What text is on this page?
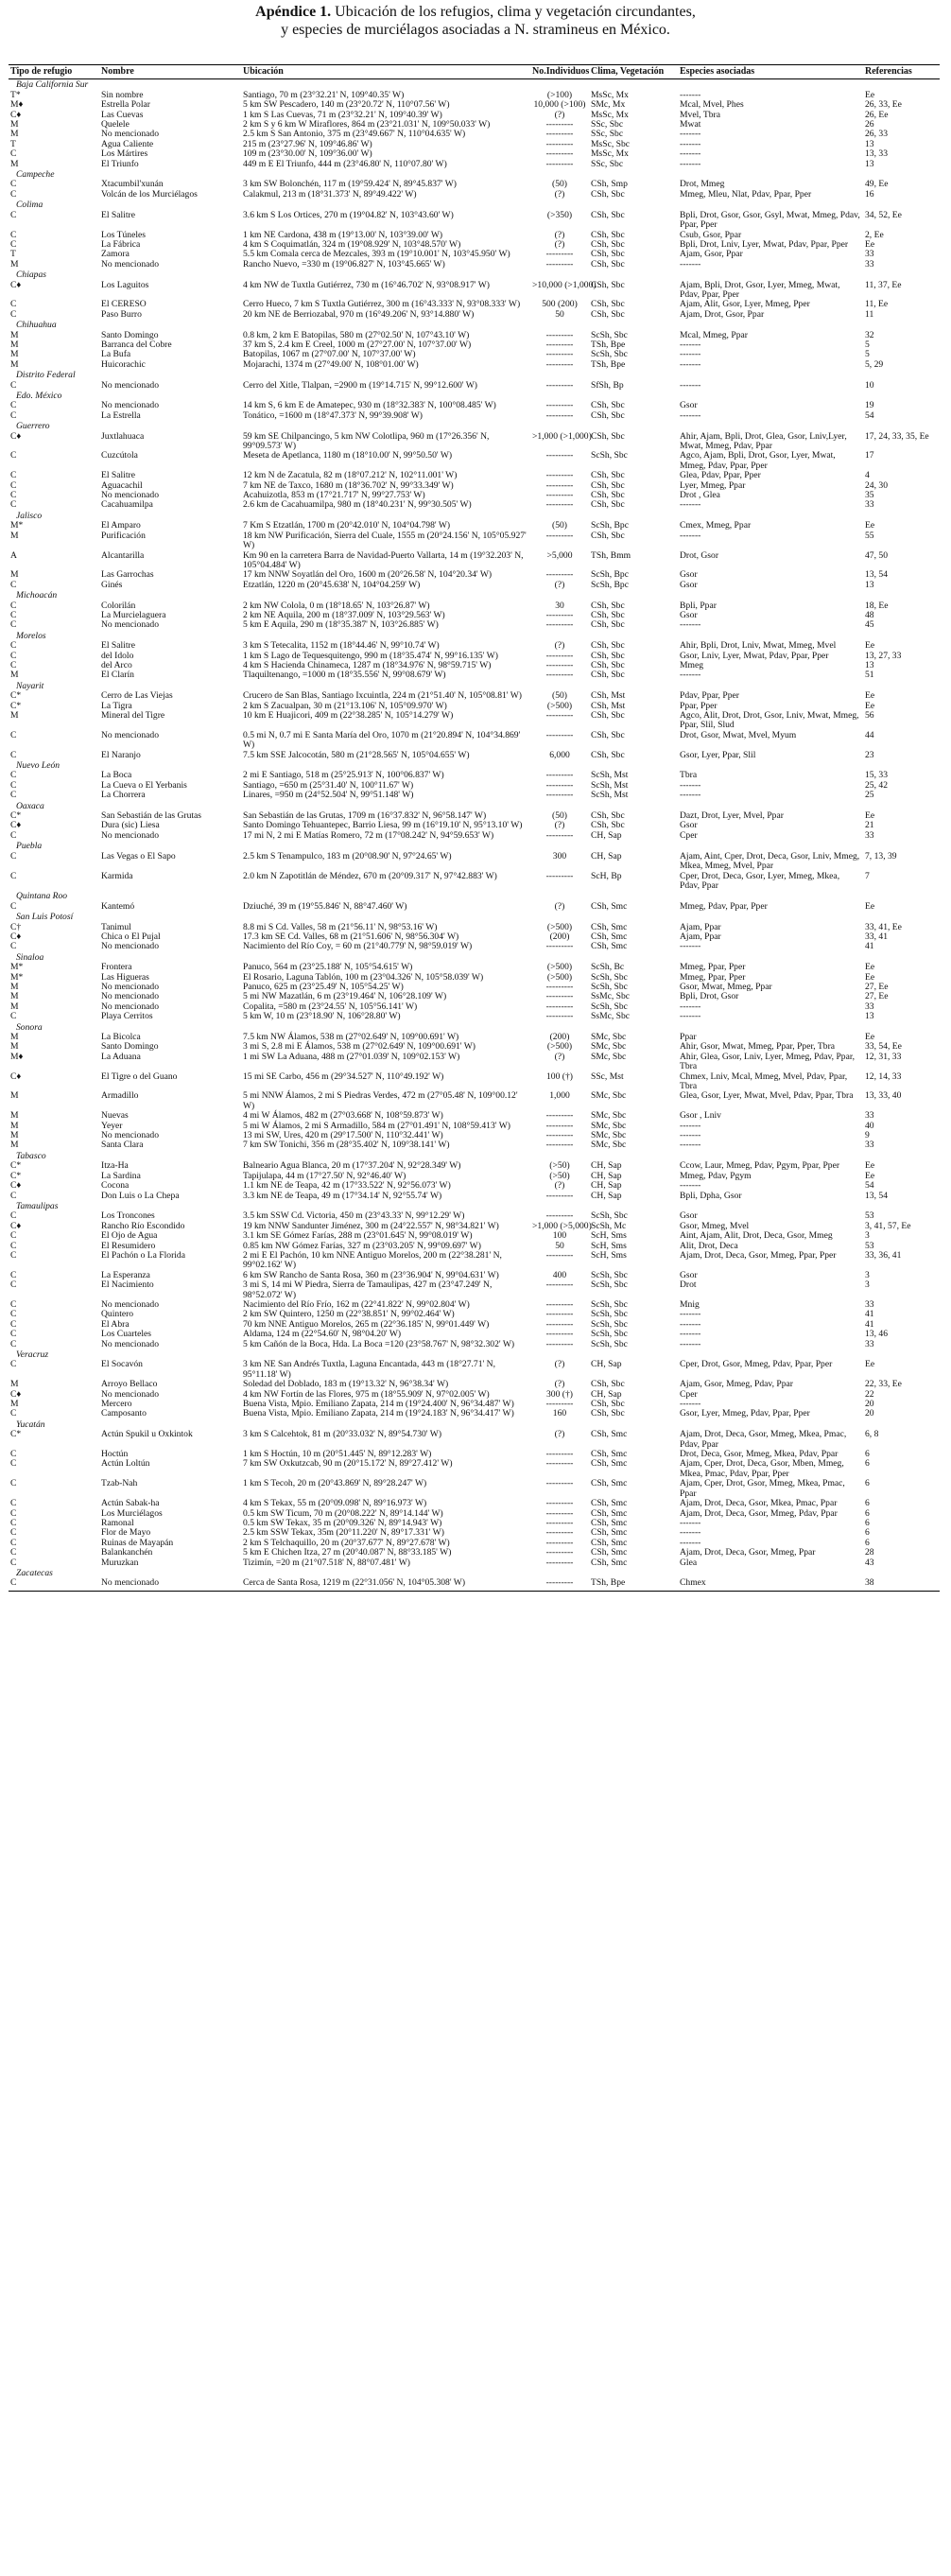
Apéndice 1. Ubicación de los refugios, clima y vegetación circundantes,
y especies de murciélagos asociadas a N. stramineus en México.
Tipo de refugio	Nombre	Ubicación	No.Individuos	Clima, Vegetación	Especies asociadas	Referencias
Baja California Sur						
T*	Sin nombre	Santiago, 70 m (23°32.21' N, 109°40.35' W)	(>100)	MsSc, Mx	-------	Ee
M♦	Estrella Polar	5 km SW Pescadero, 140 m (23°20.72' N, 110°07.56' W)	10,000 (>100)	SMc, Mx	Mcal, Mvel, Phes	26, 33, Ee
C♦	Las Cuevas	1 km S Las Cuevas, 71 m (23°32.21' N, 109°40.39' W)	(?)	MsSc, Mx	Mvel, Tbra	26, Ee
M	Quelele	2 km S y 6 km W Miraflores, 864 m (23°21.031' N, 109°50.033' W)	---------	SSc, Sbc	Mwat	26
M	No mencionado	2.5 km S San Antonio, 375 m (23°49.667' N, 110°04.635' W)	---------	SSc, Sbc	-------	26, 33
T	Agua Caliente	215 m (23°27.96' N, 109°46.86' W)	---------	MsSc, Sbc	-------	13
C	Los Mártires	109 m (23°30.00' N, 109°36.00' W)	---------	MsSc, Mx	-------	13, 33
M	El Triunfo	449 m E El Triunfo, 444 m (23°46.80' N, 110°07.80' W)	---------	SSc, Sbc	-------	13
Campeche						
C	Xtacumbil'xunán	3 km SW Bolonchén, 117 m (19°59.424' N, 89°45.837' W)	(50)	CSh, Smp	Drot, Mmeg	49, Ee
C	Volcán de los Murciélagos	Calakmul, 213 m (18°31.373' N, 89°49.422' W)	(?)	CSh, Sbc	Mmeg, Mleu, Nlat, Pdav, Ppar, Pper	16
Colima						
C	El Salitre	3.6 km S Los Ortices, 270 m (19°04.82' N, 103°43.60' W)	(>350)	CSh, Sbc	Bpli, Drot, Gsor, Gsor, Gsyl, Mwat, Mmeg, Pdav, Ppar, Pper	34, 52, Ee
C	Los Túneles	1 km NE Cardona, 438 m (19°13.00' N, 103°39.00' W)	(?)	CSh, Sbc	Csub, Gsor, Ppar	2, Ee
C	La Fábrica	4 km S Coquimatlán, 324 m (19°08.929' N, 103°48.570' W)	(?)	CSh, Sbc	Bpli, Drot, Lniv, Lyer, Mwat, Pdav, Ppar, Pper	Ee
T	Zamora	5.5 km Comala cerca de Mezcales, 393 m (19°10.001' N, 103°45.950' W)	---------	CSh, Sbc	Ajam, Gsor, Ppar	33
M	No mencionado	Rancho Nuevo, =330 m (19°06.827' N, 103°45.665' W)	---------	CSh, Sbc	-------	33
Chiapas						
C♦	Los Laguitos	4 km NW de Tuxtla Gutiérrez, 730 m (16°46.702' N, 93°08.917' W)	>10,000 (>1,000)	CSh, Sbc	Ajam, Bpli, Drot, Gsor, Lyer, Mmeg, Mwat, Pdav, Ppar, Pper	11, 37, Ee
C	El CERESO	Cerro Hueco, 7 km S Tuxtla Gutiérrez, 300 m (16°43.333' N, 93°08.333' W)	500 (200)	CSh, Sbc	Ajam, Alit, Gsor, Lyer, Mmeg, Pper	11, Ee
C	Paso Burro	20 km NE de Berriozabal, 970 m (16°49.206' N, 93°14.880' W)	50	CSh, Sbc	Ajam, Drot, Gsor, Ppar	11
Chihuahua						
M	Santo Domingo	0.8 km, 2 km E Batopilas, 580 m (27°02.50' N, 107°43.10' W)	---------	ScSh, Sbc	Mcal, Mmeg, Ppar	32
M	Barranca del Cobre	37 km S, 2.4 km E Creel, 1000 m (27°27.00' N, 107°37.00' W)	---------	TSh, Bpe	-------	5
M	La Bufa	Batopilas, 1067 m (27°07.00' N, 107°37.00' W)	---------	ScSh, Sbc	-------	5
M	Huicorachic	Mojarachi, 1374 m (27°49.00' N, 108°01.00' W)	---------	TSh, Bpe	-------	5, 29
Distrito Federal						
C	No mencionado	Cerro del Xitle, Tlalpan, =2900 m (19°14.715' N, 99°12.600' W)	---------	SfSh, Bp	-------	10
Edo. México						
C	No mencionado	14 km S, 6 km E de Amatepec, 930 m (18°32.383' N, 100°08.485' W)	---------	CSh, Sbc	Gsor	19
C	La Estrella	Tonático, =1600 m (18°47.373' N, 99°39.908' W)	---------	CSh, Sbc	-------	54
Guerrero						
C♦	Juxtlahuaca	59 km SE Chilpancingo, 5 km NW Colotlipa, 960 m (17°26.356' N, 99°09.573' W)	>1,000 (>1,000)	CSh, Sbc	Ahir, Ajam, Bpli, Drot, Glea, Gsor, Lniv,Lyer, Mwat, Mmeg, Pdav, Ppar	17, 24, 33, 35, Ee
C	Cuzcútola	Meseta de Apetlanca, 1180 m (18°10.00' N, 99°50.50' W)	---------	ScSh, Sbc	Agco, Ajam, Bpli, Drot, Gsor, Lyer, Mwat, Mmeg, Pdav, Ppar, Pper	17
C	El Salitre	12 km N de Zacatula, 82 m (18°07.212' N, 102°11.001' W)	---------	CSh, Sbc	Glea, Pdav, Ppar, Pper	4
C	Aguacachil	7 km NE de Taxco, 1680 m (18°36.702' N, 99°33.349' W)	---------	CSh, Sbc	Lyer, Mmeg, Ppar	24, 30
C	No mencionado	Acahuizotla, 853 m (17°21.717' N, 99°27.753' W)	---------	CSh, Sbc	Drot , Glea	35
C	Cacahuamilpa	2.6 km de Cacahuamilpa, 980 m (18°40.231' N, 99°30.505' W)	---------	CSh, Sbc	-------	33
Jalisco						
M*	El Amparo	7 Km S Etzatlán, 1700 m (20°42.010' N, 104°04.798' W)	(50)	ScSh, Bpc	Cmex, Mmeg, Ppar	Ee
M	Purificación	18 km NW Purificación, Sierra del Cuale, 1555 m (20°24.156' N, 105°05.927' W)	---------	CSh, Sbc	-------	55
A	Alcantarilla	Km 90 en la carretera Barra de Navidad-Puerto Vallarta, 14 m (19°32.203' N, 105°04.484' W)	>5,000	TSh, Bmm	Drot, Gsor	47, 50
M	Las Garrochas	17 km NNW Soyatlán del Oro, 1600 m (20°26.58' N, 104°20.34' W)	---------	ScSh, Bpc	Gsor	13, 54
C	Ginés	Etzatlán, 1220 m (20°45.638' N, 104°04.259' W)	(?)	ScSh, Bpc	Gsor	13
Michoacán						
C	Colorilán	2 km NW Colola, 0 m (18°18.65' N, 103°26.87' W)	30	CSh, Sbc	Bpli, Ppar	18, Ee
C	La Murcielaguera	2 km NE Aquila, 200 m (18°37.009' N, 103°29.563' W)	---------	CSh, Sbc	Gsor	48
C	No mencionado	5 km E Aquila, 290 m (18°35.387' N, 103°26.885' W)	---------	CSh, Sbc	-------	45
Morelos						
C	El Salitre	3 km S Tetecalita, 1152 m (18°44.46' N, 99°10.74' W)	(?)	CSh, Sbc	Ahir, Bpli, Drot, Lniv, Mwat, Mmeg, Mvel	Ee
C	del Idolo	1 km S Lago de Tequesquitengo, 990 m (18°35.474' N, 99°16.135' W)	---------	CSh, Sbc	Gsor, Lniv, Lyer, Mwat, Pdav, Ppar, Pper	13, 27, 33
C	del Arco	4 km S Hacienda Chinameca, 1287 m (18°34.976' N, 98°59.715' W)	---------	CSh, Sbc	Mmeg	13
M	El Clarín	Tlaquiltenango, =1000 m (18°35.556' N, 99°08.679' W)	---------	CSh, Sbc	-------	51
Nayarit						
C*	Cerro de Las Viejas	Crucero de San Blas, Santiago Ixcuintla, 224 m (21°51.40' N, 105°08.81' W)	(50)	CSh, Mst	Pdav, Ppar, Pper	Ee
C*	La Tigra	2 km S Zacualpan, 30 m (21°13.106' N, 105°09.970' W)	(>500)	CSh, Mst	Ppar, Pper	Ee
M	Mineral del Tigre	10 km E Huajicori, 409 m (22°38.285' N, 105°14.279' W)	---------	CSh, Sbc	Agco, Alit, Drot, Drot, Gsor, Lniv, Mwat, Mmeg, Ppar, Slil, Slud	56
C	No mencionado	0.5 mi N, 0.7 mi E Santa María del Oro, 1070 m (21°20.894' N, 104°34.869' W)	---------	CSh, Sbc	Drot, Gsor, Mwat, Mvel, Myum	44
C	El Naranjo	7.5 km SSE Jalcocotán, 580 m (21°28.565' N, 105°04.655' W)	6,000	CSh, Sbc	Gsor, Lyer, Ppar, Slil	23
Nuevo León						
C	La Boca	2 mi E Santiago, 518 m (25°25.913' N, 100°06.837' W)	---------	ScSh, Mst	Tbra	15, 33
C	La Cueva o El Yerbanis	Santiago, =650 m (25°31.40' N, 100°11.67' W)	---------	ScSh, Mst	-------	25, 42
C	La Chorrera	Linares, =950 m (24°52.504' N, 99°51.148' W)	---------	ScSh, Mst	-------	25
Oaxaca						
C*	San Sebastián de las Grutas	San Sebastián de las Grutas, 1709 m (16°37.832' N, 96°58.147' W)	(50)	CSh, Sbc	Dazt, Drot, Lyer, Mvel, Ppar	Ee
C♦	Dura (sic) Liesa	Santo Domingo Tehuantepec, Barrio Liesa, 99 m (16°19.10' N, 95°13.10' W)	(?)	CSh, Sbc	Gsor	21
C	No mencionado	17 mi N, 2 mi E Matías Romero, 72 m (17°08.242' N, 94°59.653' W)	---------	CH, Sap	Cper	33
Puebla						
C	Las Vegas o El Sapo	2.5 km S Tenampulco, 183 m (20°08.90' N, 97°24.65' W)	300	CH, Sap	Ajam, Aint, Cper, Drot, Deca, Gsor, Lniv, Mmeg, Mkea, Mmeg, Mvel, Ppar	7, 13, 39
C	Karmida	2.0 km N Zapotitlán de Méndez, 670 m (20°09.317' N, 97°42.883' W)	---------	ScH, Bp	Cper, Drot, Deca, Gsor, Lyer, Mmeg, Mkea, Pdav, Ppar	7
Quintana Roo						
C	Kantemó	Dziuché, 39 m (19°55.846' N, 88°47.460' W)	(?)	CSh, Smc	Mmeg, Pdav, Ppar, Pper	Ee
San Luis Potosí						
C†	Tanimul	8.8 mi S Cd. Valles, 58 m (21°56.11' N, 98°53.16' W)	(>500)	CSh, Smc	Ajam, Ppar	33, 41, Ee
C♦	Chica o El Pujal	17.3 km SE Cd. Valles, 68 m (21°51.606' N, 98°56.304' W)	(200)	CSh, Smc	Ajam, Ppar	33, 41
C	No mencionado	Nacimiento del Río Coy, = 60 m (21°40.779' N, 98°59.019' W)	---------	CSh, Smc	-------	41
Sinaloa						
M*	Frontera	Panuco, 564 m (23°25.188' N, 105°54.615' W)	(>500)	ScSh, Bc	Mmeg, Ppar, Pper	Ee
M*	Las Higueras	El Rosario, Laguna Tablón, 100 m (23°04.326' N, 105°58.039' W)	(>500)	ScSh, Sbc	Mmeg, Ppar, Pper	Ee
M	No mencionado	Panuco, 625 m (23°25.49' N, 105°54.25' W)	---------	ScSh, Sbc	Gsor, Mwat, Mmeg, Ppar	27, Ee
M	No mencionado	5 mi NW Mazatlán, 6 m (23°19.464' N, 106°28.109' W)	---------	SsMc, Sbc	Bpli, Drot, Gsor	27, Ee
M	No mencionado	Copalita, =580 m (23°24.55' N, 105°56.141' W)	---------	ScSh, Sbc	-------	33
C	Playa Cerritos	5 km W, 10 m (23°18.90' N, 106°28.80' W)	---------	SsMc, Sbc	-------	13
Sonora						
M	La Bicolca	7.5 km NW Álamos, 538 m (27°02.649' N, 109°00.691' W)	(200)	SMc, Sbc	Ppar	Ee
M	Santo Domingo	3 mi S, 2.8 mi E Álamos, 538 m (27°02.649' N, 109°00.691' W)	(>500)	SMc, Sbc	Ahir, Gsor, Mwat, Mmeg, Ppar, Pper, Tbra	33, 54, Ee
M♦	La Aduana	1 mi SW La Aduana, 488 m (27°01.039' N, 109°02.153' W)	(?)	SMc, Sbc	Ahir, Glea, Gsor, Lniv, Lyer, Mmeg, Pdav, Ppar, Tbra	12, 31, 33
C♦	El Tigre o del Guano	15 mi SE Carbo, 456 m (29°34.527' N, 110°49.192' W)	100 (†)	SSc, Mst	Chmex, Lniv, Mcal, Mmeg, Mvel, Pdav, Ppar, Tbra	12, 14, 33
M	Armadillo	5 mi NNW Álamos, 2 mi S Piedras Verdes, 472 m (27°05.48' N, 109°00.12' W)	1,000	SMc, Sbc	Glea, Gsor, Lyer, Mwat, Mvel, Pdav, Ppar, Tbra	13, 33, 40
M	Nuevas	4 mi W Álamos, 482 m (27°03.668' N, 108°59.873' W)	---------	SMc, Sbc	Gsor , Lniv	33
M	Yeyer	5 mi W Álamos, 2 mi S Armadillo, 584 m (27°01.491' N, 108°59.413' W)	---------	SMc, Sbc	-------	40
M	No mencionado	13 mi SW, Ures, 420 m (29°17.500' N, 110°32.441' W)	---------	SMc, Sbc	-------	9
M	Santa Clara	7 km SW Tonichi, 356 m (28°35.402' N, 109°38.141' W)	---------	SMc, Sbc	-------	33
Tabasco						
C*	Itza-Ha	Balneario Agua Blanca, 20 m (17°37.204' N, 92°28.349' W)	(>50)	CH, Sap	Ccow, Laur, Mmeg, Pdav, Pgym, Ppar, Pper	Ee
C*	La Sardina	Tapijulapa, 44 m (17°27.50' N, 92°46.40' W)	(>50)	CH, Sap	Mmeg, Pdav, Pgym	Ee
C♦	Cocona	1.1 km NE de Teapa, 42 m (17°33.522' N, 92°56.073' W)	(?)	CH, Sap	-------	54
C	Don Luis o La Chepa	3.3 km NE de Teapa, 49 m (17°34.14' N, 92°55.74' W)	---------	CH, Sap	Bpli, Dpha, Gsor	13, 54
Tamaulipas						
C	Los Troncones	3.5 km SSW Cd. Victoria, 450 m (23°43.33' N, 99°12.29' W)	---------	ScSh, Sbc	Gsor	53
C♦	Rancho Río Escondido	19 km NNW Sandunter Jiménez, 300 m (24°22.557' N, 98°34.821' W)	>1,000 (>5,000)	ScSh, Mc	Gsor, Mmeg, Mvel	3, 41, 57, Ee
C	El Ojo de Agua	3.1 km SE Gómez Farías, 288 m (23°01.645' N, 99°08.019' W)	100	ScH, Sms	Aint, Ajam, Alit, Drot, Deca, Gsor, Mmeg	3
C	El Resumidero	0.85 km NW Gómez Farías, 327 m (23°03.205' N, 99°09.697' W)	50	ScH, Sms	Alit, Drot, Deca	53
C	El Pachón o La Florida	2 mi E El Pachón, 10 km NNE Antiguo Morelos, 200 m (22°38.281' N, 99°02.162' W)	---------	ScH, Sms	Ajam, Drot, Deca, Gsor, Mmeg, Ppar, Pper	33, 36, 41
C	La Esperanza	6 km SW Rancho de Santa Rosa, 360 m (23°36.904' N, 99°04.631' W)	400	ScSh, Sbc	Gsor	3
C	El Nacimiento	3 mi S, 14 mi W Piedra, Sierra de Tamaulipas, 427 m (23°47.249' N, 98°52.072' W)	---------	ScSh, Sbc	Drot	3
C	No mencionado	Nacimiento del Río Frío, 162 m (22°41.822' N, 99°02.804' W)	---------	ScSh, Sbc	Mnig	33
C	Quintero	2 km SW Quintero, 1250 m (22°38.851' N, 99°02.464' W)	---------	ScSh, Sbc	-------	41
C	El Abra	70 km NNE Antiguo Morelos, 265 m (22°36.185' N, 99°01.449' W)	---------	ScSh, Sbc	-------	41
C	Los Cuarteles	Aldama, 124 m (22°54.60' N, 98°04.20' W)	---------	ScSh, Sbc	-------	13, 46
C	No mencionado	5 km Cañón de la Boca, Hda. La Boca =120 (23°58.767' N, 98°32.302' W)	---------	ScSh, Sbc	-------	33
Veracruz						
C	El Socavón	3 km NE San Andrés Tuxtla, Laguna Encantada, 443 m (18°27.71' N, 95°11.18' W)	(?)	CH, Sap	Cper, Drot, Gsor, Mmeg, Pdav, Ppar, Pper	Ee
M	Arroyo Bellaco	Soledad del Doblado, 183 m (19°13.32' N, 96°38.34' W)	(?)	CSh, Sbc	Ajam, Gsor, Mmeg, Pdav, Ppar	22, 33, Ee
C♦	No mencionado	4 km NW Fortín de las Flores, 975 m (18°55.909' N, 97°02.005' W)	300 (†)	CH, Sap	Cper	22
M	Mercero	Buena Vista, Mpio. Emiliano Zapata, 214 m (19°24.400' N, 96°34.487' W)	---------	CSh, Sbc	-------	20
C	Camposanto	Buena Vista, Mpio. Emiliano Zapata, 214 m (19°24.183' N, 96°34.417' W)	160	CSh, Sbc	Gsor, Lyer, Mmeg, Pdav, Ppar, Pper	20
Yucatán						
C*	Actún Spukil u Oxkintok	3 km S Calcehtok, 81 m (20°33.032' N, 89°54.730' W)	(?)	CSh, Smc	Ajam, Drot, Deca, Gsor, Mmeg, Mkea, Pmac, Pdav, Ppar	6, 8
C	Hoctún	1 km S Hoctún, 10 m (20°51.445' N, 89°12.283' W)	---------	CSh, Smc	Drot, Deca, Gsor, Mmeg, Mkea, Pdav, Ppar	6
C	Actún Loltún	7 km SW Oxkutzcab, 90 m (20°15.172' N, 89°27.412' W)	---------	CSh, Smc	Ajam, Cper, Drot, Deca, Gsor, Mben, Mmeg, Mkea, Pmac, Pdav, Ppar, Pper	6
C	Tzab-Nah	1 km S Tecoh, 20 m (20°43.869' N, 89°28.247' W)	---------	CSh, Smc	Ajam, Cper, Drot, Gsor, Mmeg, Mkea, Pmac, Ppar	6
C	Actún Sabak-ha	4 km S Tekax, 55 m (20°09.098' N, 89°16.973' W)	---------	CSh, Smc	Ajam, Drot, Deca, Gsor, Mkea, Pmac, Ppar	6
C	Los Murciélagos	0.5 km SW Ticum, 70 m (20°08.222' N, 89°14.144' W)	---------	CSh, Smc	Ajam, Drot, Deca, Gsor, Mmeg, Pdav, Ppar	6
C	Ramonal	0.5 km SW Tekax, 35 m (20°09.326' N, 89°14.943' W)	---------	CSh, Smc	-------	6
C	Flor de Mayo	2.5 km SSW Tekax, 35m (20°11.220' N, 89°17.331' W)	---------	CSh, Smc	-------	6
C	Ruinas de Mayapán	2 km S Telchaquillo, 20 m (20°37.677' N, 89°27.678' W)	---------	CSh, Smc	-------	6
C	Balankanchén	5 km E Chichen Itza, 27 m (20°40.087' N, 88°33.185' W)	---------	CSh, Smc	Ajam, Drot, Deca, Gsor, Mmeg, Ppar	28
C	Muruzkan	Tizimín, =20 m (21°07.518' N, 88°07.481' W)	---------	CSh, Smc	Glea	43
Zacatecas						
C	No mencionado	Cerca de Santa Rosa, 1219 m (22°31.056' N, 104°05.308' W)	---------	TSh, Bpe	Chmex	38
